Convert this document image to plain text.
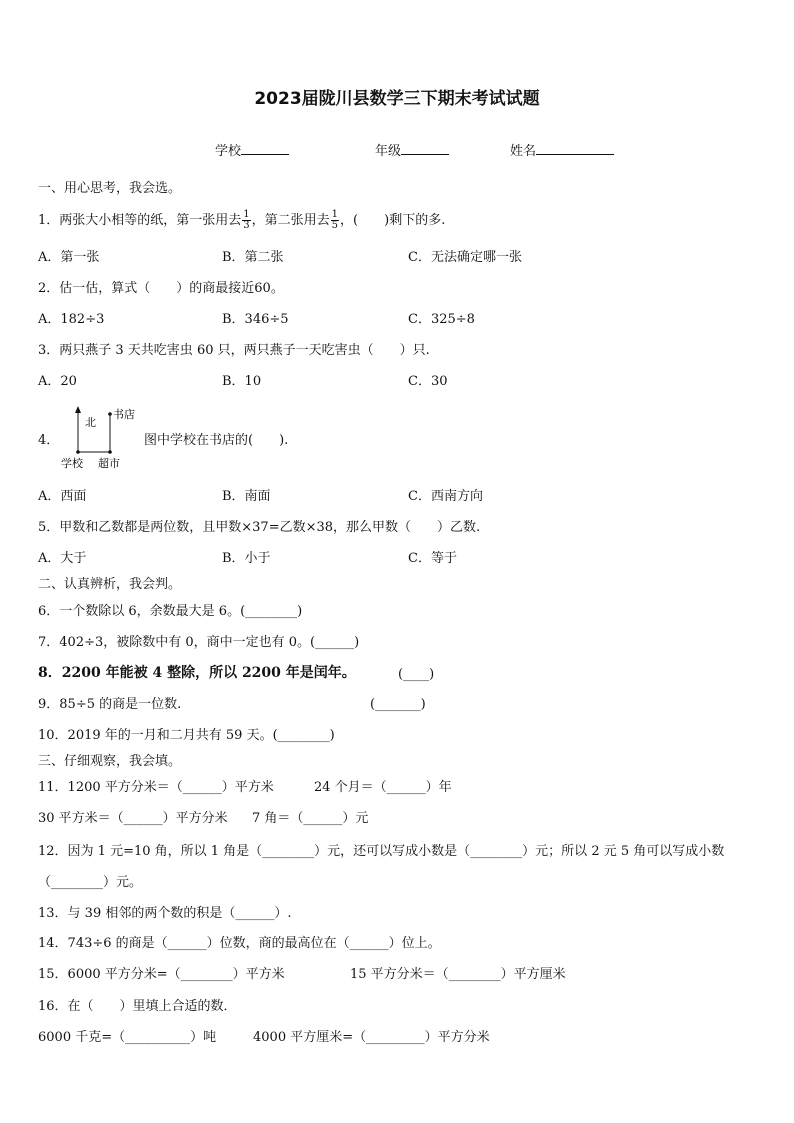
2023届陇川县数学三下期末考试试题
学校	年级	姓名
一、用心思考，我会选。
1．两张大小相等的纸，第一张用去 $\frac{1}{3}$ ，第二张用去 $\frac{1}{5}$ ，(　　)剩下的多.
A．第一张	B．第二张	C．无法确定哪一张
2．估一估，算式（　　）的商最接近60。
A．182÷3	B．346÷5	C．325÷8
3．两只燕子 3 天共吃害虫 60 只，两只燕子一天吃害虫（　　）只.
A．20	B．10	C．30
4．
北
书店
学校 超市
图中学校在书店的(　　).
A．西面	B．南面	C．西南方向
5．甲数和乙数都是两位数，且甲数×37=乙数×38，那么甲数（　　）乙数.
A．大于	B．小于	C．等于
二、认真辨析，我会判。
6．一个数除以 6，余数最大是 6。(________)
7．402÷3，被除数中有 0，商中一定也有 0。(______)
8．2200 年能被 4 整除，所以 2200 年是闰年。	(____)
9．85÷5 的商是一位数.	(_______)
10．2019 年的一月和二月共有 59 天。(________)
三、仔细观察，我会填。
11．1200 平方分米＝（______）平方米	24 个月＝（______）年
30 平方米＝（______）平方分米 7 角＝（______）元
12．因为 1 元=10 角，所以 1 角是（________）元，还可以写成小数是（________）元；所以 2 元 5 角可以写成小数
（________）元。
13．与 39 相邻的两个数的积是（______）.
14．743÷6 的商是（______）位数，商的最高位在（______）位上。
15．6000 平方分米=（________）平方米	15 平方分米＝（________）平方厘米
16．在（　　）里填上合适的数．
6000 千克=（__________）吨	4000 平方厘米=（_________）平方分米
